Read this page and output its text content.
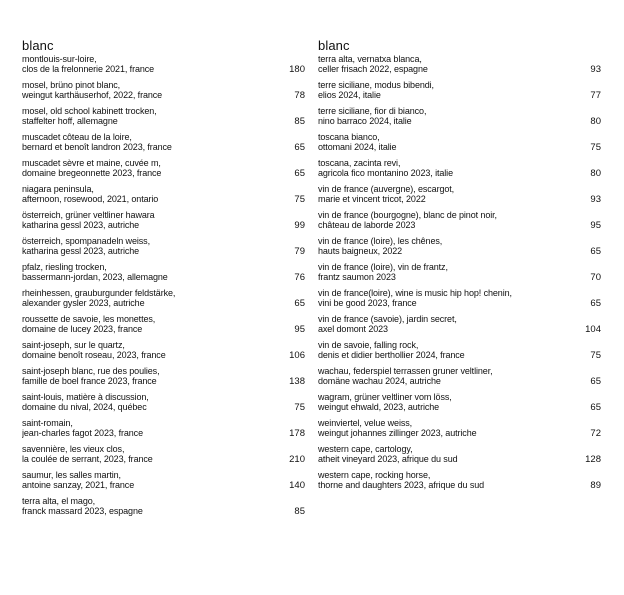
blanc
montlouis-sur-loire,
clos de la frelonnerie 2021, france	180
mosel, brüno pinot blanc,
weingut karthäuserhof, 2022, france	78
mosel, old school kabinett trocken,
staffelter hoff, allemagne	85
muscadet côteau de la loire,
bernard et benoît landron 2023, france	65
muscadet sèvre et maine, cuvée m,
domaine bregeonnette 2023, france	65
niagara peninsula,
afternoon, rosewood, 2021, ontario	75
österreich, grüner veltliner hawara
katharina gessl 2023, autriche	99
österreich, spompanadeln weiss,
katharina gessl 2023, autriche	79
pfalz, riesling trocken,
bassermann-jordan, 2023, allemagne	76
rheinhessen, grauburgunder feldstärke,
alexander gysler 2023, autriche	65
roussette de savoie, les monettes,
domaine de lucey 2023, france	95
saint-joseph, sur le quartz,
domaine benoît roseau, 2023, france	106
saint-joseph blanc, rue des poulies,
famille de boel france 2023, france	138
saint-louis, matière à discussion,
domaine du nival, 2024, québec	75
saint-romain,
jean-charles fagot 2023, france	178
savennière, les vieux clos,
la coulée de serrant, 2023, france	210
saumur, les salles martin,
antoine sanzay, 2021, france	140
terra alta, el mago,
franck massard 2023, espagne	85
blanc
terra alta, vernatxa blanca,
celler frisach 2022, espagne	93
terre siciliane, modus bibendi,
elios 2024, italie	77
terre siciliane, fior di bianco,
nino barraco 2024, italie	80
toscana bianco,
ottomani 2024, italie	75
toscana, zacinta revi,
agricola fico montanino 2023, italie	80
vin de france (auvergne), escargot,
marie et vincent tricot, 2022	93
vin de france (bourgogne), blanc de pinot noir,
château de laborde 2023	95
vin de france (loire), les chênes,
hauts baigneux, 2022	65
vin de france (loire), vin de frantz,
frantz saumon 2023	70
vin de france(loire), wine is music hip hop! chenin,
vini be good 2023, france	65
vin de france (savoie), jardin secret,
axel domont 2023	104
vin de savoie, falling rock,
denis et didier berthollier 2024, france	75
wachau, federspiel terrassen gruner veltliner,
domäne wachau 2024, autriche	65
wagram, grüner veltliner vom löss,
weingut ehwald, 2023, autriche	65
weinviertel, velue weiss,
weingut johannes zillinger 2023, autriche	72
western cape, cartology,
atheit vineyard 2023, afrique du sud	128
western cape, rocking horse,
thorne and daughters 2023, afrique du sud	89
